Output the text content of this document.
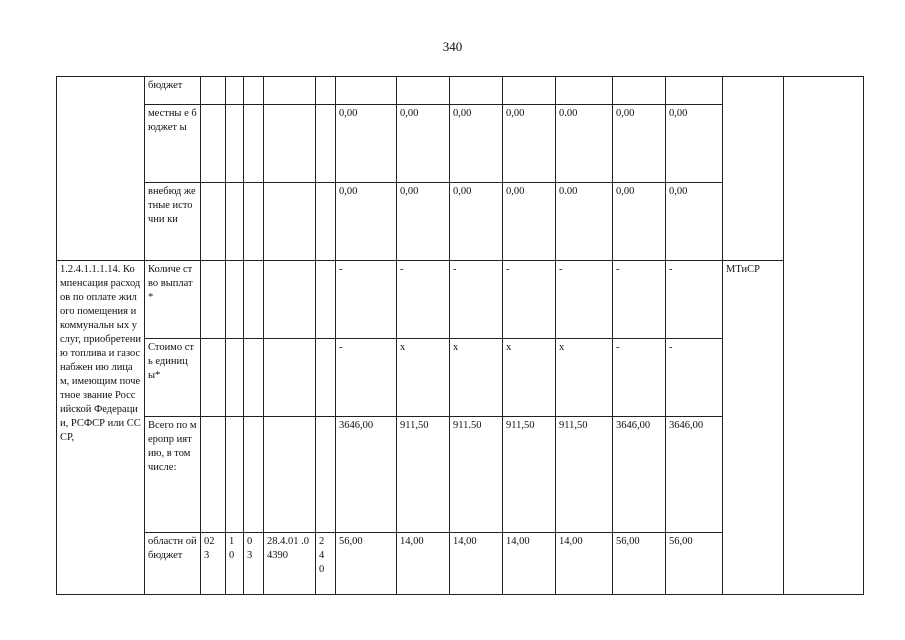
340
	бюджет														
	местны е бюджет ы						0,00	0,00	0,00	0,00	0.00	0,00	0,00		
	внебюд жетные источни ки						0,00	0,00	0,00	0,00	0.00	0,00	0,00		
1.2.4.1.1.1.14. Компенсация расходов по оплате жилого помещения и коммунальн ых услуг, приобретени ю топлива и газоснабжен ию лицам, имеющим почетное звание Российской Федерации, РСФСР или СССР,	Количе ство выплат *						-	-	-	-	-	-	-	МТиСР	
	Стоимо сть единиц ы*						-	х	х	х	х	-	-		
	Всего по меропр иятию, в том числе:						3646,00	911,50	911.50	911,50	911,50	3646,00	3646,00		
	областн ой бюджет	02 3	1 0	0 3	28.4.01 .04390	2 4 0	56,00	14,00	14,00	14,00	14,00	56,00	56,00		
